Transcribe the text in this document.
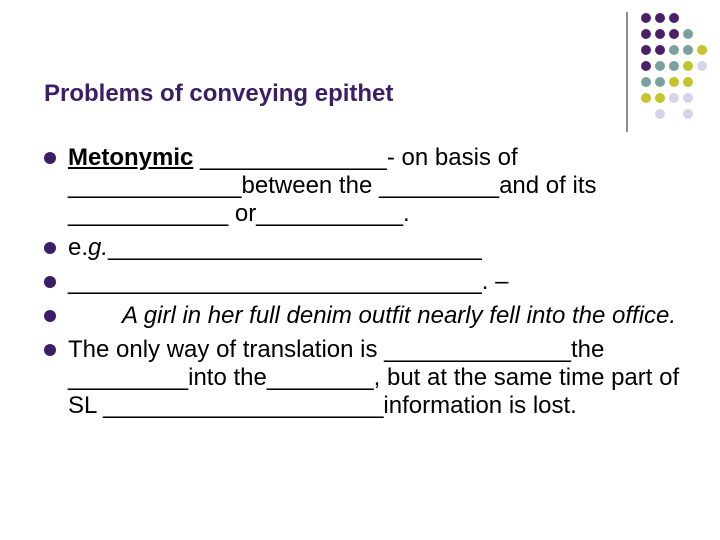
Problems of conveying epithet
Metonymic ______________- on basis of _____________between the _________and of its ____________ or___________.
e.g.____________________________
_______________________________. –
A girl in her full denim outfit nearly fell into the office.
The only way of translation is ______________the _________into the________, but at the same time part of SL _____________________information is lost.
